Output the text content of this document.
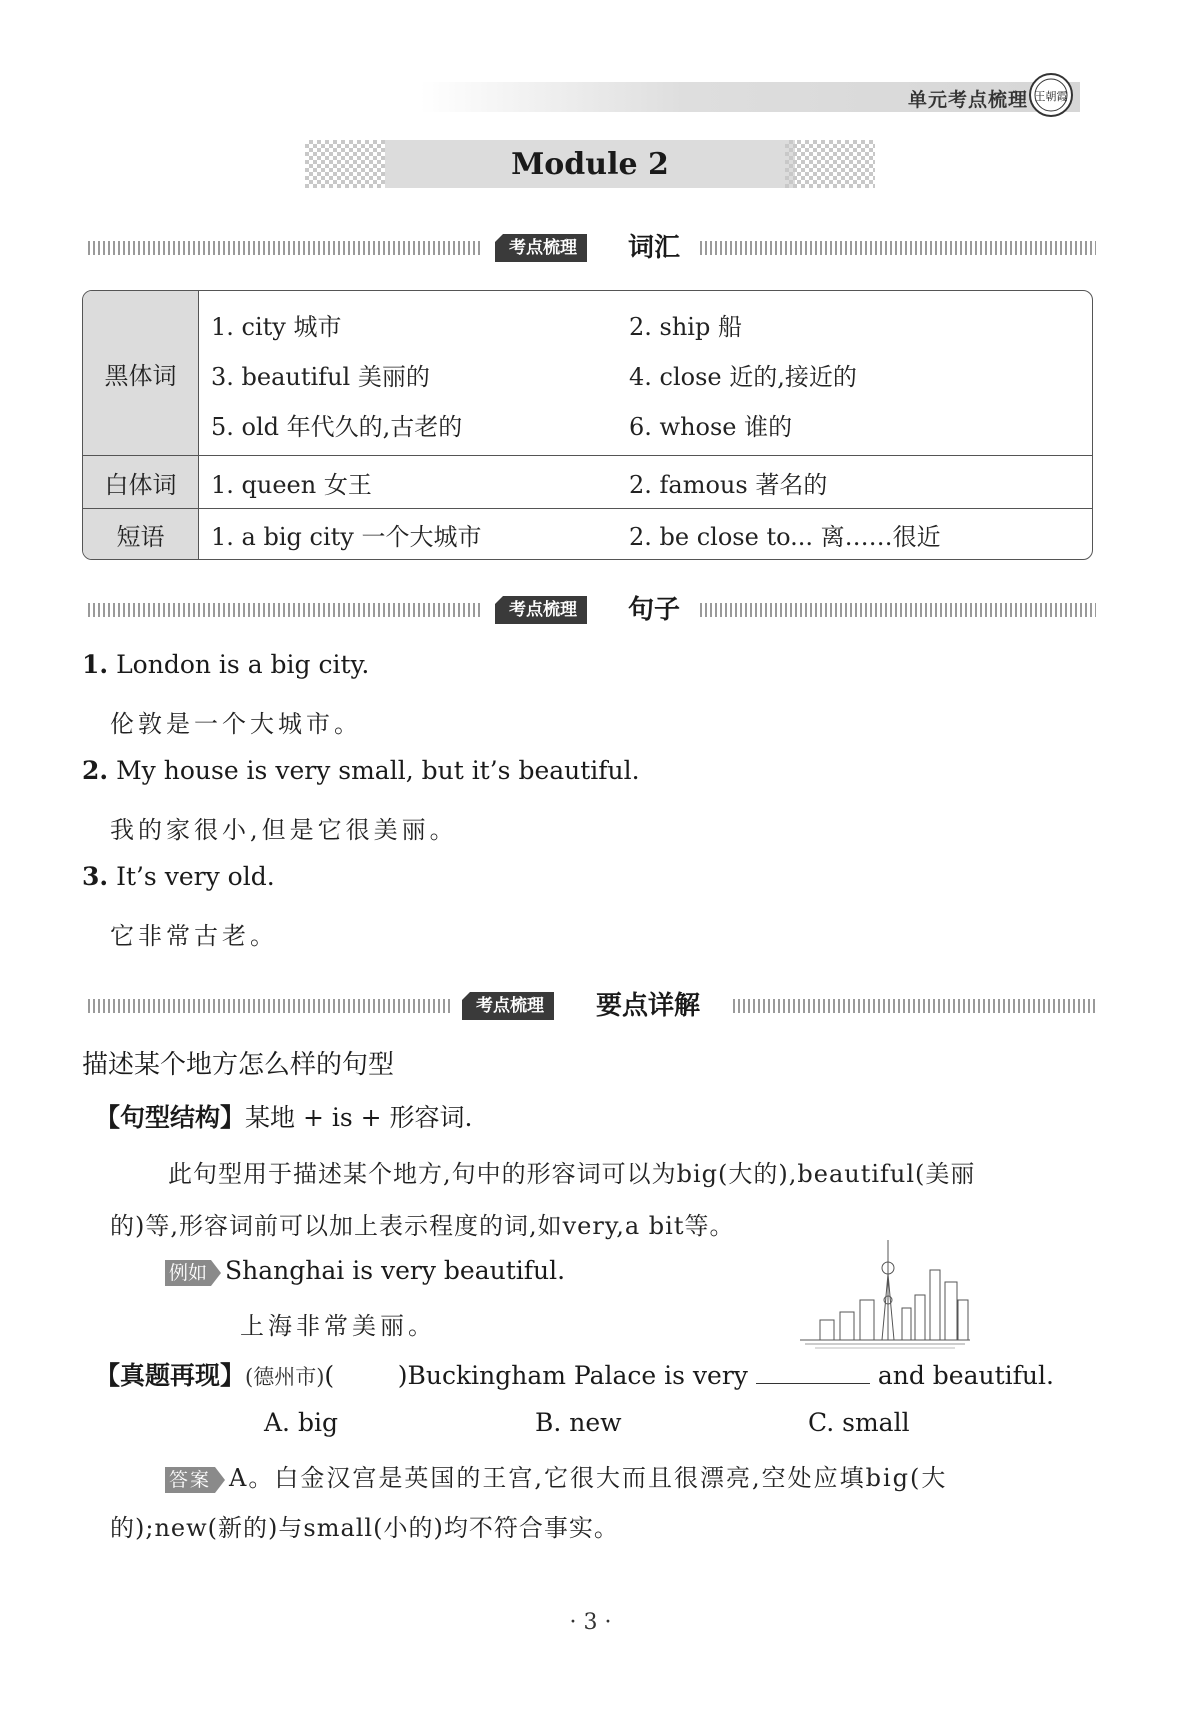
单元考点梳理 王朝霞
Module 2
考点梳理	词汇
黑体词
1. city 城市	2. ship 船
3. beautiful 美丽的	4. close 近的,接近的
5. old 年代久的,古老的	6. whose 谁的
白体词	1. queen 女王	2. famous 著名的
短语	1. a big city 一个大城市	2. be close to... 离……很近
考点梳理	句子
1. London is a big city.
伦敦是一个大城市。
2. My house is very small, but it’s beautiful.
我的家很小,但是它很美丽。
3. It’s very old.
它非常古老。
考点梳理	要点详解
描述某个地方怎么样的句型
【句型结构】某地 + is + 形容词.
此句型用于描述某个地方,句中的形容词可以为big(大的),beautiful(美丽
的)等,形容词前可以加上表示程度的词,如very,a bit等。
例如 Shanghai is very beautiful.
上海非常美丽。
【真题再现】(德州市)(        )Buckingham Palace is very	and beautiful.
A. big	B. new	C. small
答案 A。白金汉宫是英国的王宫,它很大而且很漂亮,空处应填big(大
的);new(新的)与small(小的)均不符合事实。
· 3 ·
